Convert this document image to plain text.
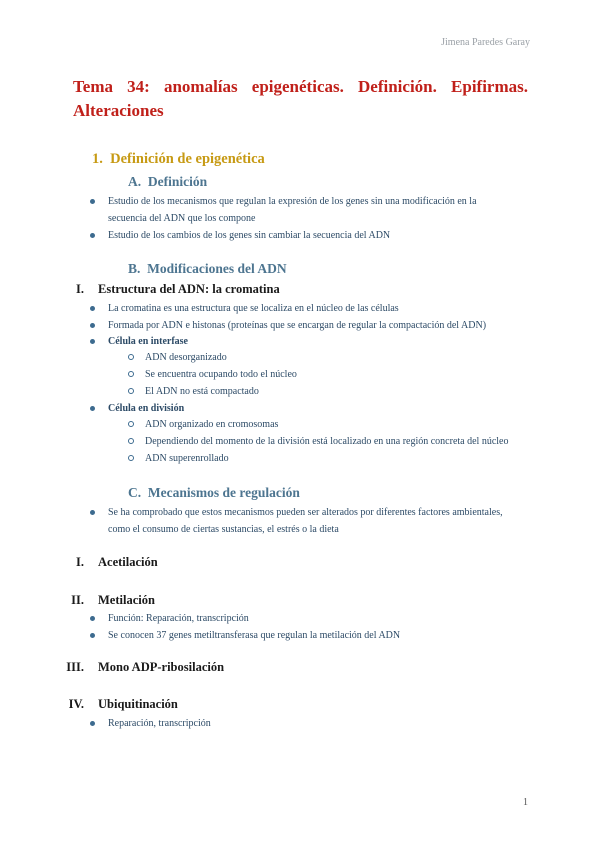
Jimena Paredes Garay
Tema 34: anomalías epigenéticas. Definición. Epifirmas. Alteraciones
1. Definición de epigenética
A. Definición
Estudio de los mecanismos que regulan la expresión de los genes sin una modificación en la
secuencia del ADN que los compone
Estudio de los cambios de los genes sin cambiar la secuencia del ADN
B. Modificaciones del ADN
I. Estructura del ADN: la cromatina
La cromatina es una estructura que se localiza en el núcleo de las células
Formada por ADN e histonas (proteínas que se encargan de regular la compactación del ADN)
Célula en interfase
ADN desorganizado
Se encuentra ocupando todo el núcleo
El ADN no está compactado
Célula en división
ADN organizado en cromosomas
Dependiendo del momento de la división está localizado en una región concreta del núcleo
ADN superenrollado
C. Mecanismos de regulación
Se ha comprobado que estos mecanismos pueden ser alterados por diferentes factores ambientales,
como el consumo de ciertas sustancias, el estrés o la dieta
I. Acetilación
II. Metilación
Función: Reparación, transcripción
Se conocen 37 genes metiltransferasa que regulan la metilación del ADN
III. Mono ADP-ribosilación
IV. Ubiquitinación
Reparación, transcripción
1
